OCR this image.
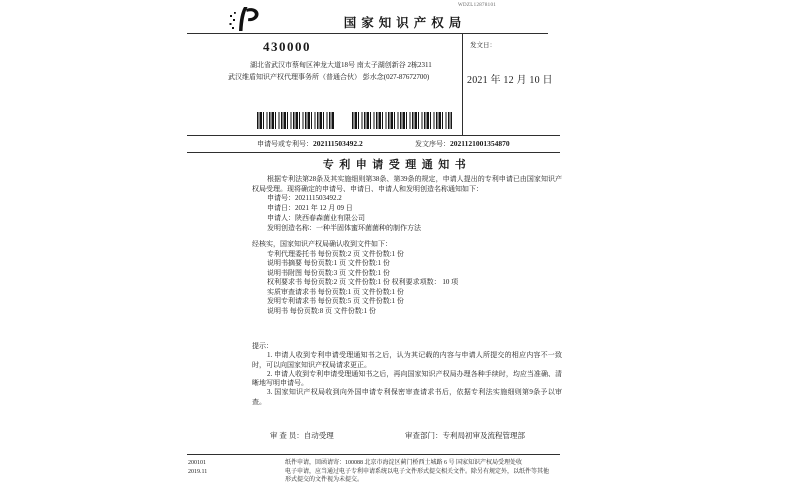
WDZL12878101
国家知识产权局
430000
湖北省武汉市蔡甸区神龙大道18号 南太子湖创新谷 2栋2311
武汉维盾知识产权代理事务所（普通合伙） 彭水念(027-87672700)
发文日：
2021 年 12 月 10 日
申请号或专利号：202111503492.2	发文序号：2021121001354870
专利申请受理通知书

根据专利法第28条及其实施细则第38条、第39条的规定，申请人提出的专利申请已由国家知识产权局受理。现将确定的申请号、申请日、申请人和发明创造名称通知如下：

申请号：202111503492.2
申请日：2021 年 12 月 09 日
申请人：陕西春森菌业有限公司
发明创造名称：一种半固体蜜环菌菌种的制作方法
经核实，国家知识产权局确认收到文件如下：
专利代理委托书 每份页数:2 页 文件份数:1 份
说明书摘要 每份页数:1 页 文件份数:1 份
说明书附图 每份页数:3 页 文件份数:1 份
权利要求书 每份页数:2 页 文件份数:1 份 权利要求项数： 10 项
实质审查请求书 每份页数:1 页 文件份数:1 份
发明专利请求书 每份页数:5 页 文件份数:1 份
说明书 每份页数:8 页 文件份数:1 份
提示：

1. 申请人收到专利申请受理通知书之后，认为其记载的内容与申请人所提交的相应内容不一致时，可以向国家知识产权局请求更正。

2. 申请人收到专利申请受理通知书之后，再向国家知识产权局办理各种手续时，均应当准确、清晰地写明申请号。

3. 国家知识产权局收到向外国申请专利保密审查请求书后，依据专利法实施细则第9条予以审查。

审 查 员：自动受理	审查部门：专利局初审及流程管理部
200101	纸件申请，回函请寄：100088 北京市海淀区蓟门桥西土城路 6 号 国家知识产权局受理处收
2019.11	电子申请，应当通过电子专利申请系统以电子文件形式提交相关文件。除另有规定外，以纸件等其他形式提交的文件视为未提交。
